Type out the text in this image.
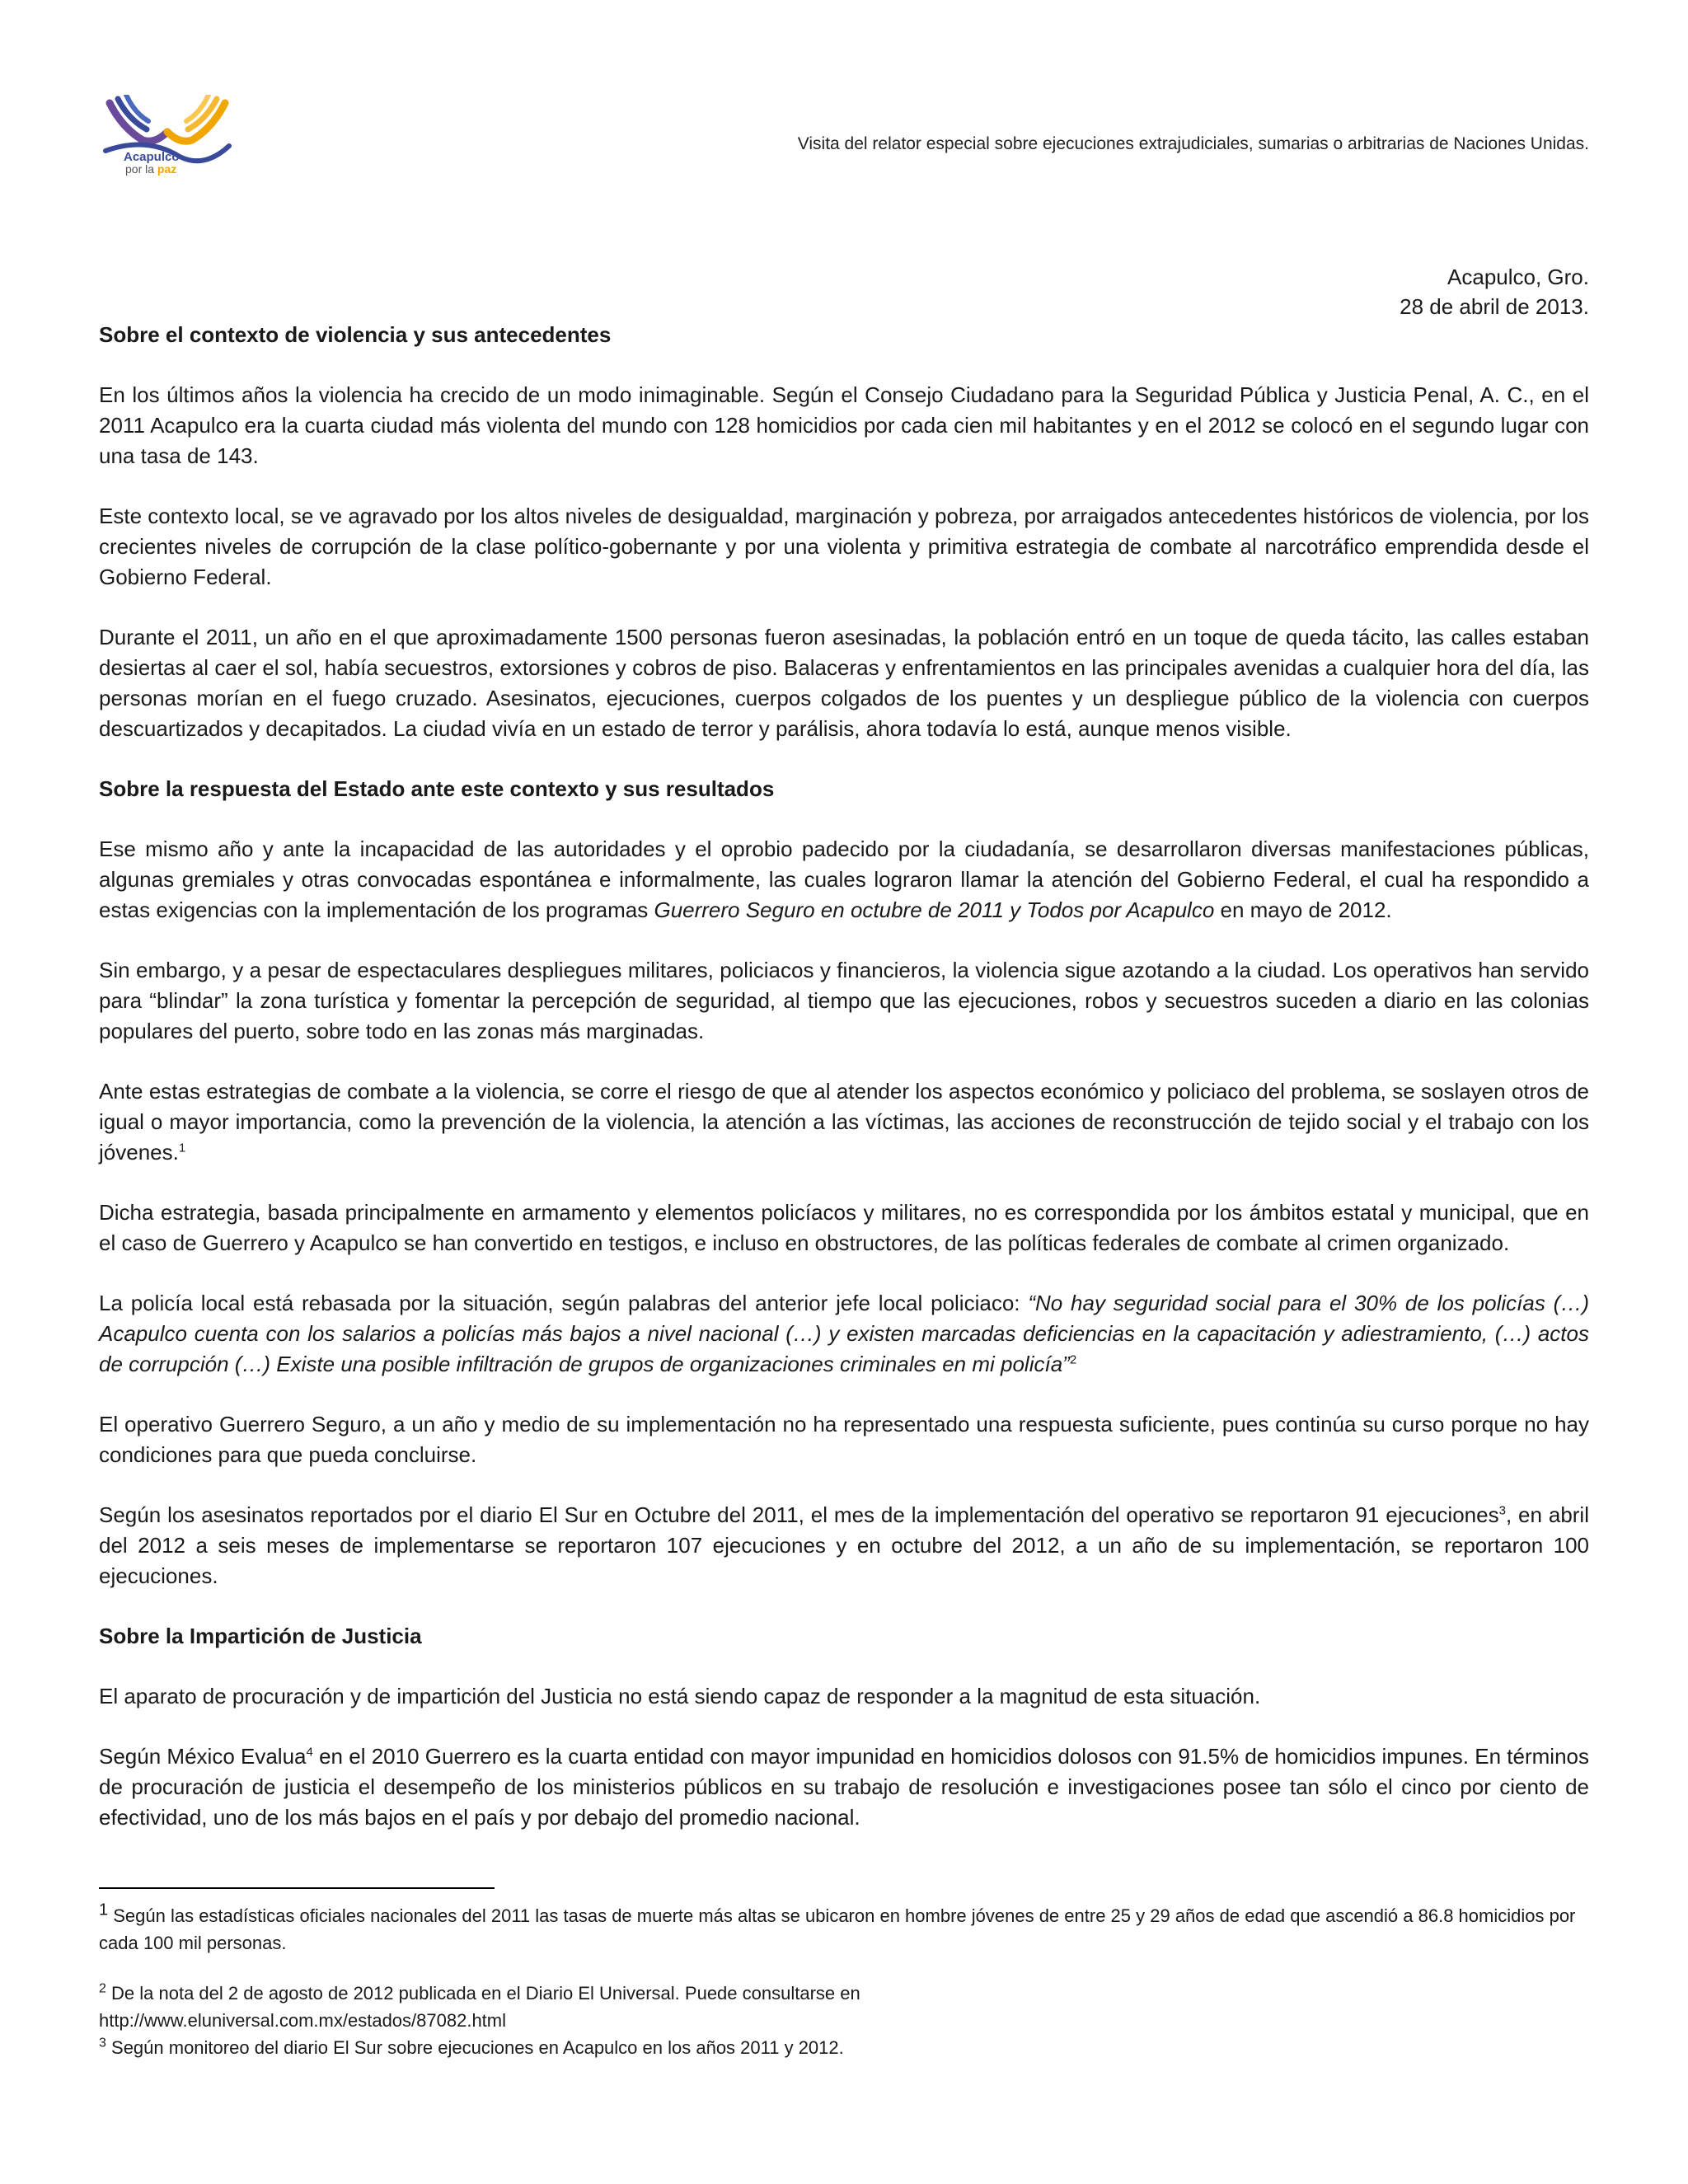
Acapulco
por la paz
Visita del relator especial sobre ejecuciones extrajudiciales, sumarias o arbitrarias de Naciones Unidas.
Acapulco, Gro.
28 de abril de 2013.
Sobre el contexto de violencia y sus antecedentes

En los últimos años la violencia ha crecido de un modo inimaginable. Según el Consejo Ciudadano para la Seguridad Pública y Justicia Penal, A. C., en el 2011 Acapulco era la cuarta ciudad más violenta del mundo con 128 homicidios por cada cien mil habitantes y en el 2012 se colocó en el segundo lugar con una tasa de 143.

Este contexto local, se ve agravado por los altos niveles de desigualdad, marginación y pobreza, por arraigados antecedentes históricos de violencia, por los crecientes niveles de corrupción de la clase político-gobernante y por una violenta y primitiva estrategia de combate al narcotráfico emprendida desde el Gobierno Federal.

Durante el 2011, un año en el que aproximadamente 1500 personas fueron asesinadas, la población entró en un toque de queda tácito, las calles estaban desiertas al caer el sol, había secuestros, extorsiones y cobros de piso. Balaceras y enfrentamientos en las principales avenidas a cualquier hora del día, las personas morían en el fuego cruzado. Asesinatos, ejecuciones, cuerpos colgados de los puentes y un despliegue público de la violencia con cuerpos descuartizados y decapitados. La ciudad vivía en un estado de terror y parálisis, ahora todavía lo está, aunque menos visible.

Sobre la respuesta del Estado ante este contexto y sus resultados

Ese mismo año y ante la incapacidad de las autoridades y el oprobio padecido por la ciudadanía, se desarrollaron diversas manifestaciones públicas, algunas gremiales y otras convocadas espontánea e informalmente, las cuales lograron llamar la atención del Gobierno Federal, el cual ha respondido a estas exigencias con la implementación de los programas Guerrero Seguro en octubre de 2011 y Todos por Acapulco en mayo de 2012.

Sin embargo, y a pesar de espectaculares despliegues militares, policiacos y financieros, la violencia sigue azotando a la ciudad. Los operativos han servido para “blindar” la zona turística y fomentar la percepción de seguridad, al tiempo que las ejecuciones, robos y secuestros suceden a diario en las colonias populares del puerto, sobre todo en las zonas más marginadas.

Ante estas estrategias de combate a la violencia, se corre el riesgo de que al atender los aspectos económico y policiaco del problema, se soslayen otros de igual o mayor importancia, como la prevención de la violencia, la atención a las víctimas, las acciones de reconstrucción de tejido social y el trabajo con los jóvenes.$^1$

Dicha estrategia, basada principalmente en armamento y elementos policíacos y militares, no es correspondida por los ámbitos estatal y municipal, que en el caso de Guerrero y Acapulco se han convertido en testigos, e incluso en obstructores, de las políticas federales de combate al crimen organizado.

La policía local está rebasada por la situación, según palabras del anterior jefe local policiaco: “No hay seguridad social para el 30% de los policías (…) Acapulco cuenta con los salarios a policías más bajos a nivel nacional (…) y existen marcadas deficiencias en la capacitación y adiestramiento, (…) actos de corrupción (…) Existe una posible infiltración de grupos de organizaciones criminales en mi policía”$^2$

El operativo Guerrero Seguro, a un año y medio de su implementación no ha representado una respuesta suficiente, pues continúa su curso porque no hay condiciones para que pueda concluirse.

Según los asesinatos reportados por el diario El Sur en Octubre del 2011, el mes de la implementación del operativo se reportaron 91 ejecuciones$^3$, en abril del 2012 a seis meses de implementarse se reportaron 107 ejecuciones y en octubre del 2012, a un año de su implementación, se reportaron 100 ejecuciones.

Sobre la Impartición de Justicia

El aparato de procuración y de impartición del Justicia no está siendo capaz de responder a la magnitud de esta situación.

Según México Evalua$^4$ en el 2010 Guerrero es la cuarta entidad con mayor impunidad en homicidios dolosos con 91.5% de homicidios impunes. En términos de procuración de justicia el desempeño de los ministerios públicos en su trabajo de resolución e investigaciones posee tan sólo el cinco por ciento de efectividad, uno de los más bajos en el país y por debajo del promedio nacional.

$^1$ Según las estadísticas oficiales nacionales del 2011 las tasas de muerte más altas se ubicaron en hombre jóvenes de entre 25 y 29 años de edad que ascendió a 86.8 homicidios por cada 100 mil personas.

$^2$ De la nota del 2 de agosto de 2012 publicada en el Diario El Universal. Puede consultarse en

http://www.eluniversal.com.mx/estados/87082.html

$^3$ Según monitoreo del diario El Sur sobre ejecuciones en Acapulco en los años 2011 y 2012.
